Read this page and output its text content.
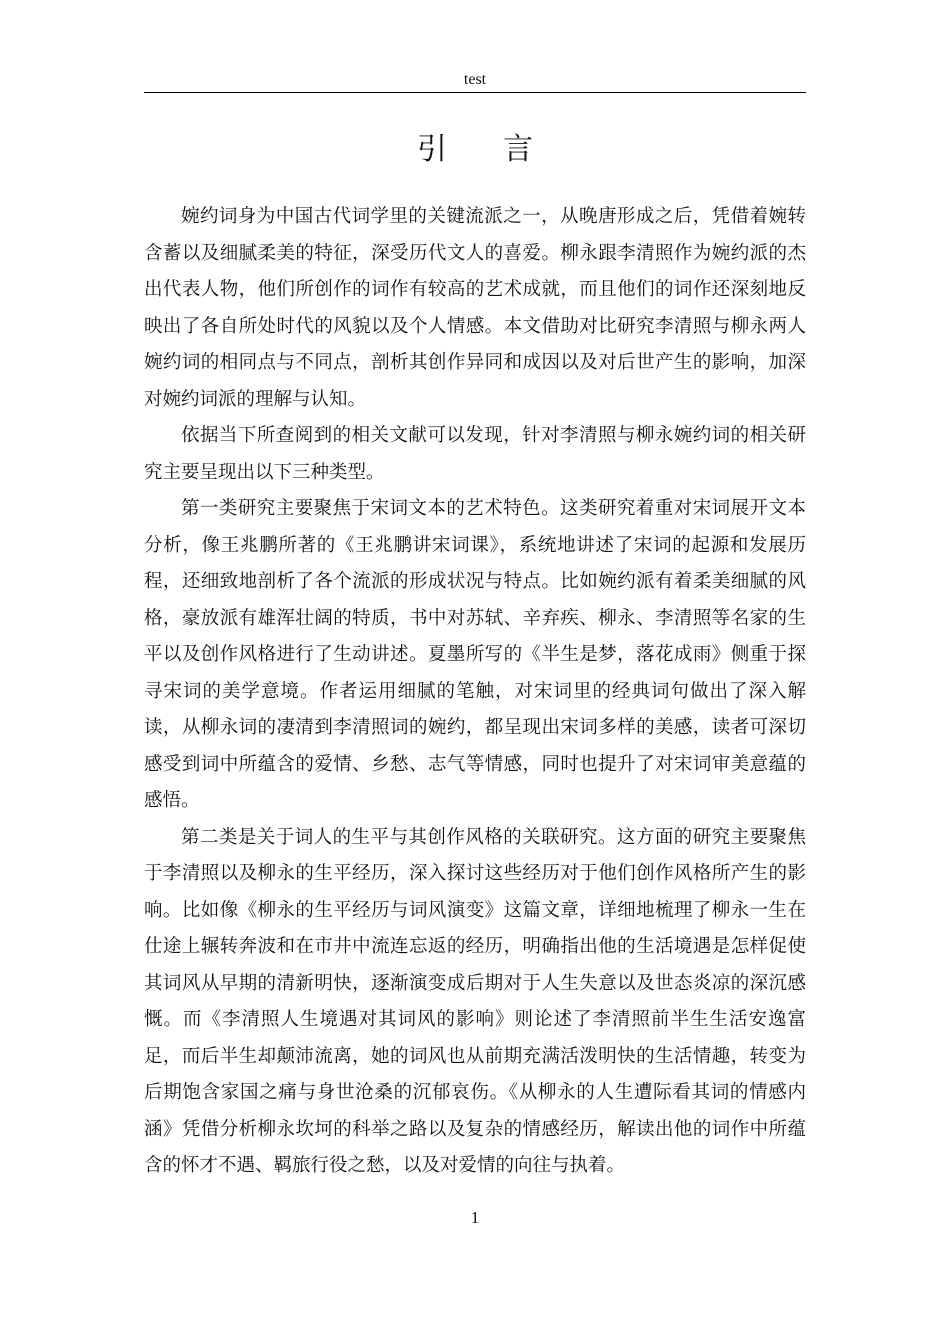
test
引言

婉约词身为中国古代词学里的关键流派之一，从晚唐形成之后，凭借着婉转含蓄以及细腻柔美的特征，深受历代文人的喜爱。柳永跟李清照作为婉约派的杰出代表人物，他们所创作的词作有较高的艺术成就，而且他们的词作还深刻地反映出了各自所处时代的风貌以及个人情感。本文借助对比研究李清照与柳永两人婉约词的相同点与不同点，剖析其创作异同和成因以及对后世产生的影响，加深对婉约词派的理解与认知。

依据当下所查阅到的相关文献可以发现，针对李清照与柳永婉约词的相关研究主要呈现出以下三种类型。

第一类研究主要聚焦于宋词文本的艺术特色。这类研究着重对宋词展开文本分析，像王兆鹏所著的《王兆鹏讲宋词课》，系统地讲述了宋词的起源和发展历程，还细致地剖析了各个流派的形成状况与特点。比如婉约派有着柔美细腻的风格，豪放派有雄浑壮阔的特质，书中对苏轼、辛弃疾、柳永、李清照等名家的生平以及创作风格进行了生动讲述。夏墨所写的《半生是梦，落花成雨》侧重于探寻宋词的美学意境。作者运用细腻的笔触，对宋词里的经典词句做出了深入解读，从柳永词的凄清到李清照词的婉约，都呈现出宋词多样的美感，读者可深切感受到词中所蕴含的爱情、乡愁、志气等情感，同时也提升了对宋词审美意蕴的感悟。

第二类是关于词人的生平与其创作风格的关联研究。这方面的研究主要聚焦于李清照以及柳永的生平经历，深入探讨这些经历对于他们创作风格所产生的影响。比如像《柳永的生平经历与词风演变》这篇文章，详细地梳理了柳永一生在仕途上辗转奔波和在市井中流连忘返的经历，明确指出他的生活境遇是怎样促使其词风从早期的清新明快，逐渐演变成后期对于人生失意以及世态炎凉的深沉感慨。而《李清照人生境遇对其词风的影响》则论述了李清照前半生生活安逸富足，而后半生却颠沛流离，她的词风也从前期充满活泼明快的生活情趣，转变为后期饱含家国之痛与身世沧桑的沉郁哀伤。《从柳永的人生遭际看其词的情感内涵》凭借分析柳永坎坷的科举之路以及复杂的情感经历，解读出他的词作中所蕴含的怀才不遇、羁旅行役之愁，以及对爱情的向往与执着。

1
